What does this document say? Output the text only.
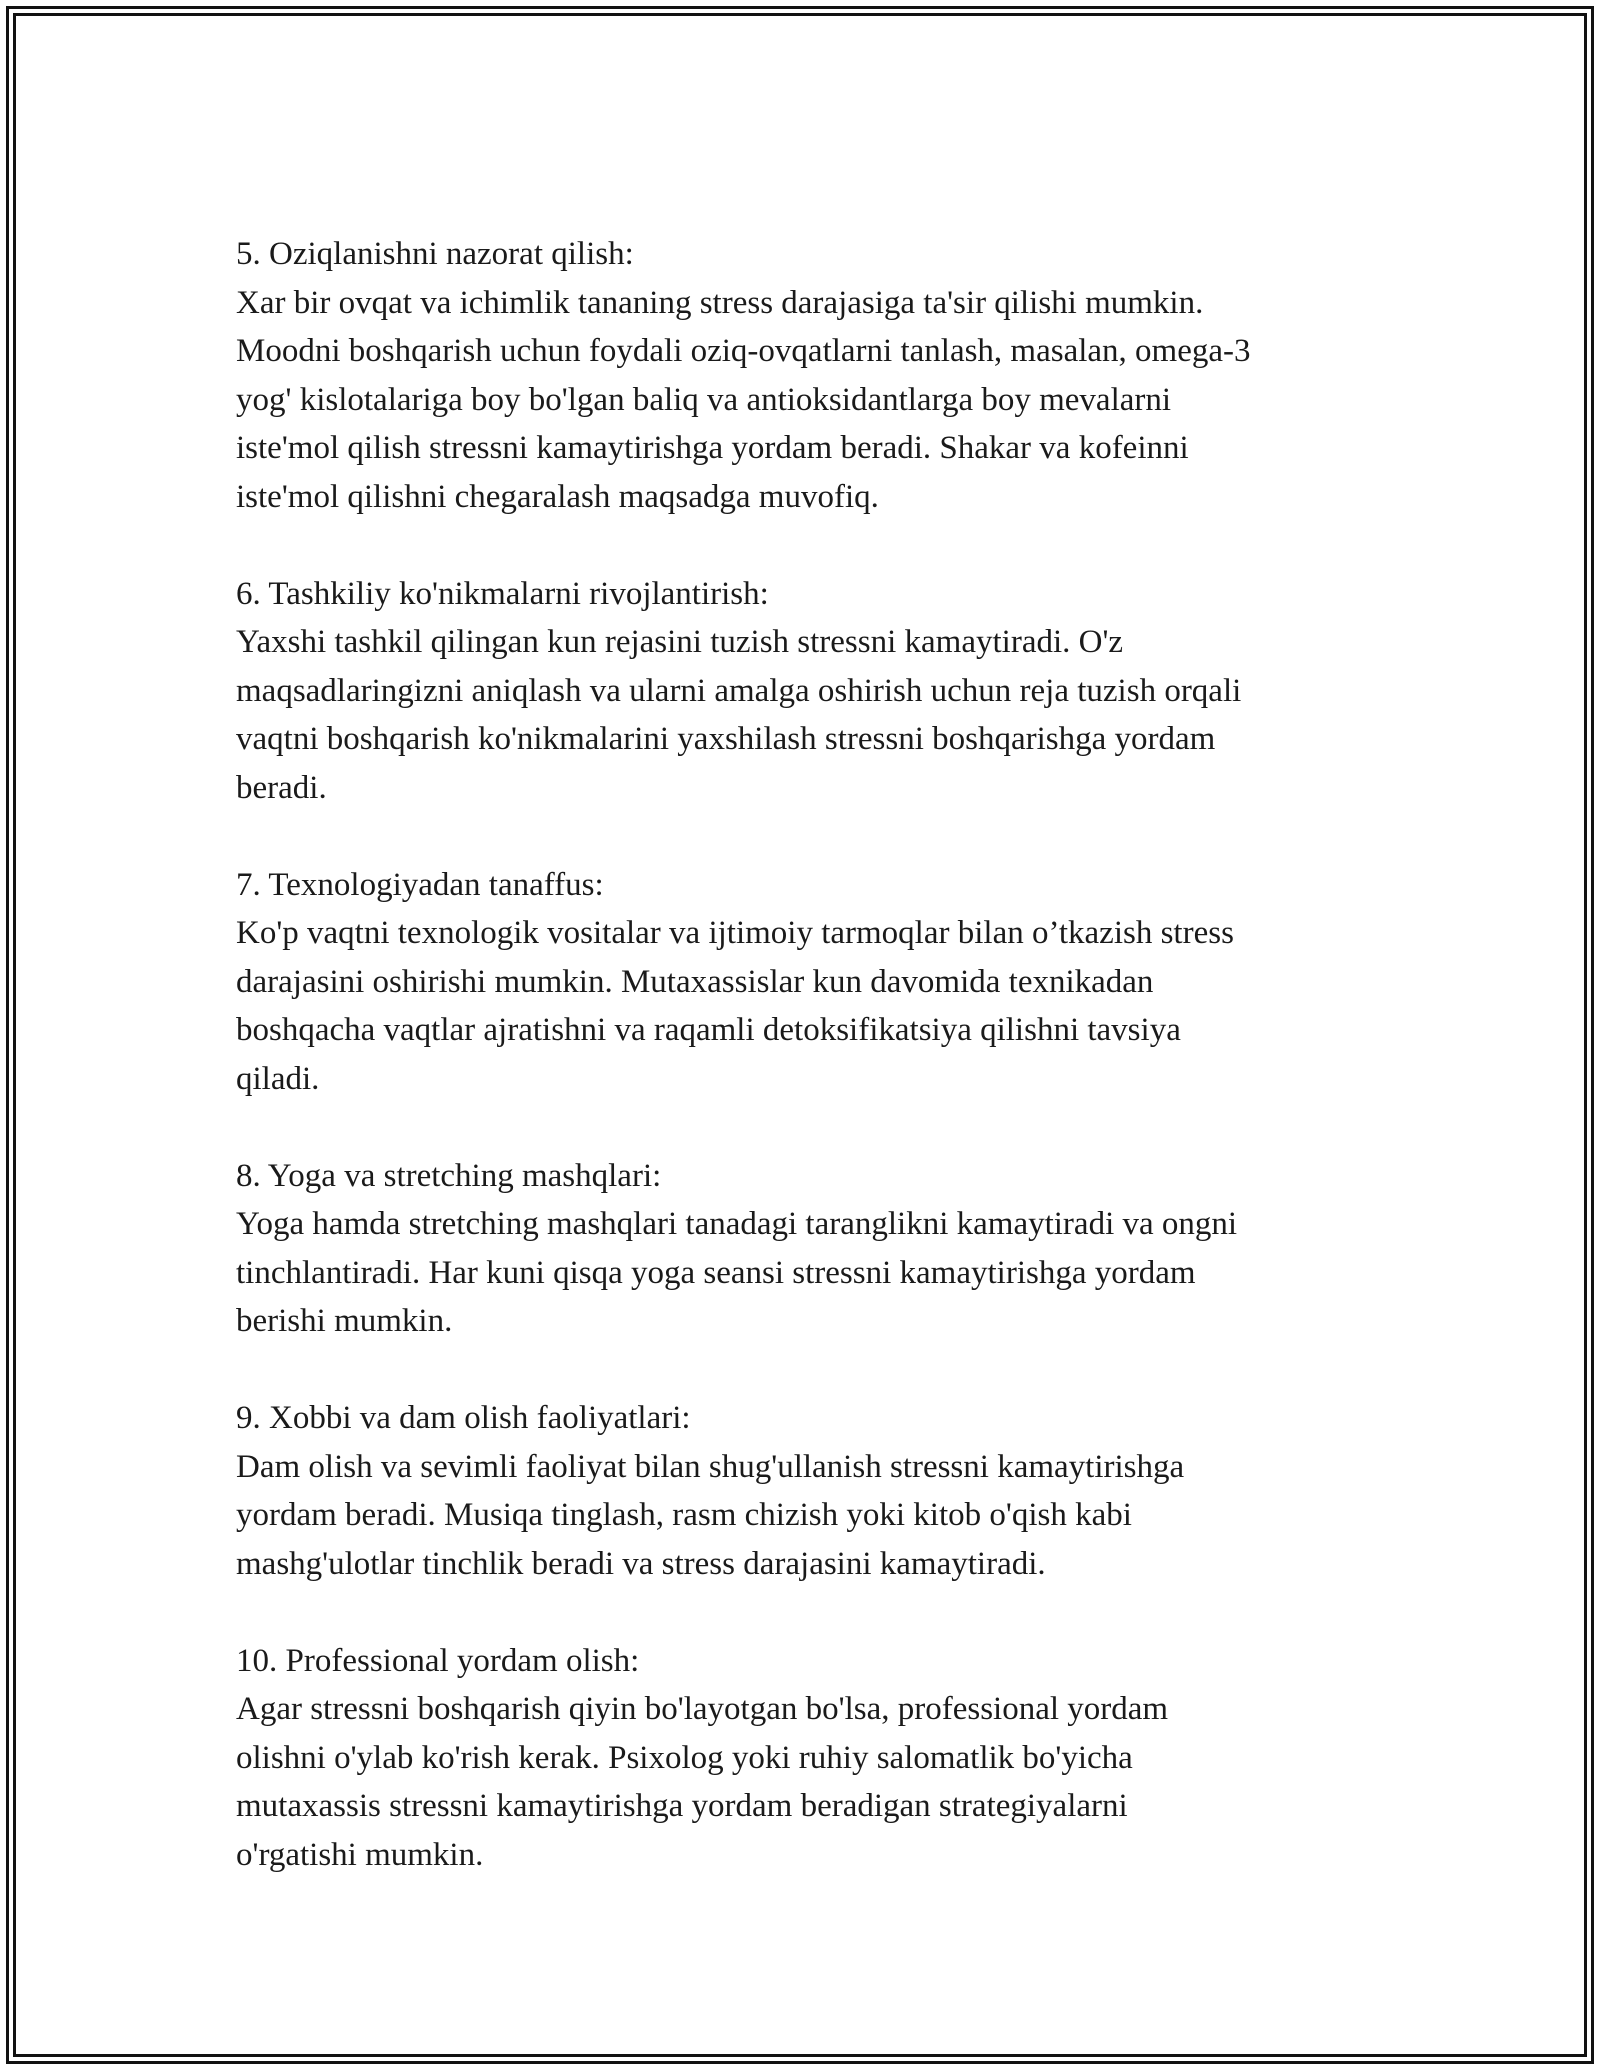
5. Oziqlanishni nazorat qilish:

Xar bir ovqat va ichimlik tananing stress darajasiga ta'sir qilishi mumkin.
Moodni boshqarish uchun foydali oziq-ovqatlarni tanlash, masalan, omega-3
yog' kislotalariga boy bo'lgan baliq va antioksidantlarga boy mevalarni
iste'mol qilish stressni kamaytirishga yordam beradi. Shakar va kofeinni
iste'mol qilishni chegaralash maqsadga muvofiq.

6. Tashkiliy ko'nikmalarni rivojlantirish:

Yaxshi tashkil qilingan kun rejasini tuzish stressni kamaytiradi. O'z
maqsadlaringizni aniqlash va ularni amalga oshirish uchun reja tuzish orqali
vaqtni boshqarish ko'nikmalarini yaxshilash stressni boshqarishga yordam
beradi.

7. Texnologiyadan tanaffus:

Ko'p vaqtni texnologik vositalar va ijtimoiy tarmoqlar bilan o’tkazish stress
darajasini oshirishi mumkin. Mutaxassislar kun davomida texnikadan
boshqacha vaqtlar ajratishni va raqamli detoksifikatsiya qilishni tavsiya
qiladi.

8. Yoga va stretching mashqlari:

Yoga hamda stretching mashqlari tanadagi taranglikni kamaytiradi va ongni
tinchlantiradi. Har kuni qisqa yoga seansi stressni kamaytirishga yordam
berishi mumkin.

9. Xobbi va dam olish faoliyatlari:

Dam olish va sevimli faoliyat bilan shug'ullanish stressni kamaytirishga
yordam beradi. Musiqa tinglash, rasm chizish yoki kitob o'qish kabi
mashg'ulotlar tinchlik beradi va stress darajasini kamaytiradi.

10. Professional yordam olish:

Agar stressni boshqarish qiyin bo'layotgan bo'lsa, professional yordam
olishni o'ylab ko'rish kerak. Psixolog yoki ruhiy salomatlik bo'yicha
mutaxassis stressni kamaytirishga yordam beradigan strategiyalarni
o'rgatishi mumkin.
